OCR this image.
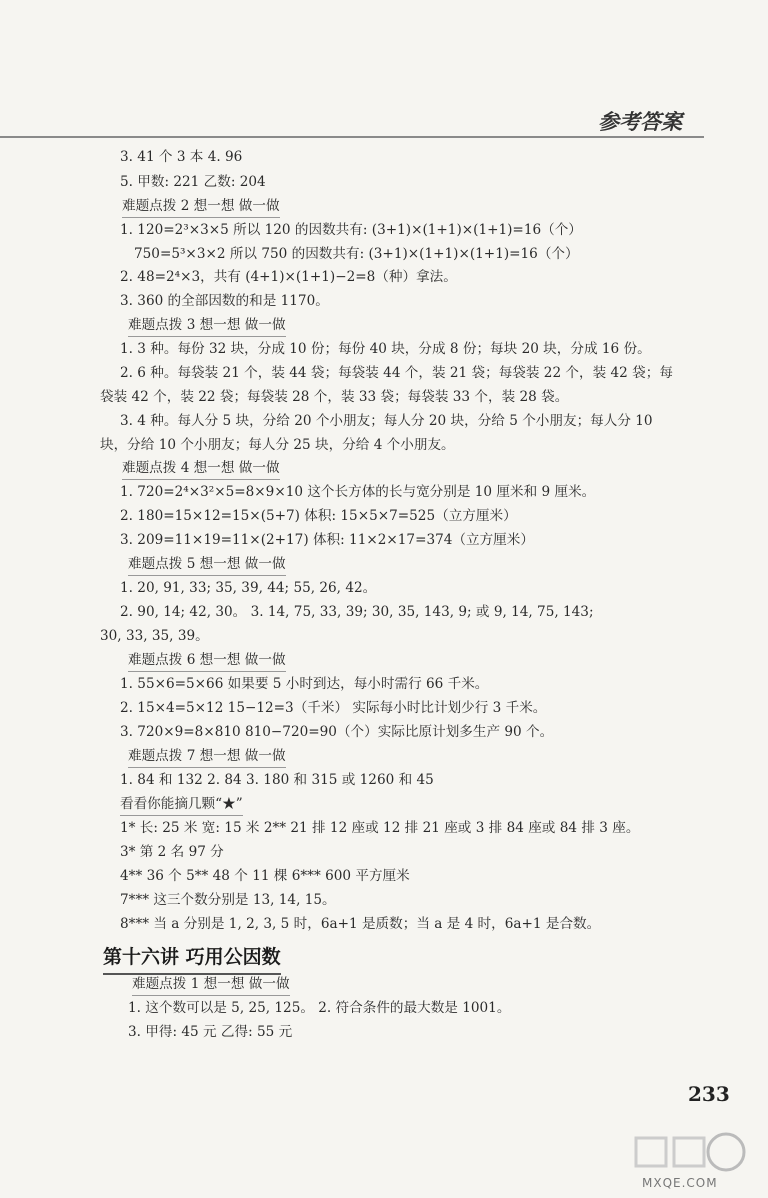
参考答案
3. 41 个 3 本 4. 96
5. 甲数: 221 乙数: 204
难题点拨 2 想一想 做一做
1. 120=2³×3×5 所以 120 的因数共有: (3+1)×(1+1)×(1+1)=16（个）
750=5³×3×2 所以 750 的因数共有: (3+1)×(1+1)×(1+1)=16（个）
2. 48=2⁴×3，共有 (4+1)×(1+1)−2=8（种）拿法。
3. 360 的全部因数的和是 1170。
难题点拨 3 想一想 做一做
1. 3 种。每份 32 块，分成 10 份；每份 40 块，分成 8 份；每块 20 块，分成 16 份。
2. 6 种。每袋装 21 个，装 44 袋；每袋装 44 个，装 21 袋；每袋装 22 个，装 42 袋；每
袋装 42 个，装 22 袋；每袋装 28 个，装 33 袋；每袋装 33 个，装 28 袋。
3. 4 种。每人分 5 块，分给 20 个小朋友；每人分 20 块，分给 5 个小朋友；每人分 10
块，分给 10 个小朋友；每人分 25 块，分给 4 个小朋友。
难题点拨 4 想一想 做一做
1. 720=2⁴×3²×5=8×9×10 这个长方体的长与宽分别是 10 厘米和 9 厘米。
2. 180=15×12=15×(5+7) 体积: 15×5×7=525（立方厘米）
3. 209=11×19=11×(2+17) 体积: 11×2×17=374（立方厘米）
难题点拨 5 想一想 做一做
1. 20, 91, 33; 35, 39, 44; 55, 26, 42。
2. 90, 14; 42, 30。 3. 14, 75, 33, 39; 30, 35, 143, 9; 或 9, 14, 75, 143;
30, 33, 35, 39。
难题点拨 6 想一想 做一做
1. 55×6=5×66 如果要 5 小时到达，每小时需行 66 千米。
2. 15×4=5×12 15−12=3（千米） 实际每小时比计划少行 3 千米。
3. 720×9=8×810 810−720=90（个）实际比原计划多生产 90 个。
难题点拨 7 想一想 做一做
1. 84 和 132 2. 84 3. 180 和 315 或 1260 和 45
看看你能摘几颗“★”
1* 长: 25 米 宽: 15 米 2** 21 排 12 座或 12 排 21 座或 3 排 84 座或 84 排 3 座。
3* 第 2 名 97 分
4** 36 个 5** 48 个 11 棵 6*** 600 平方厘米
7*** 这三个数分别是 13, 14, 15。
8*** 当 a 分别是 1, 2, 3, 5 时，6a+1 是质数；当 a 是 4 时，6a+1 是合数。
难题点拨 1 想一想 做一做
1. 这个数可以是 5, 25, 125。 2. 符合条件的最大数是 1001。
3. 甲得: 45 元 乙得: 55 元
第十六讲 巧用公因数
233
MXQE.COM
